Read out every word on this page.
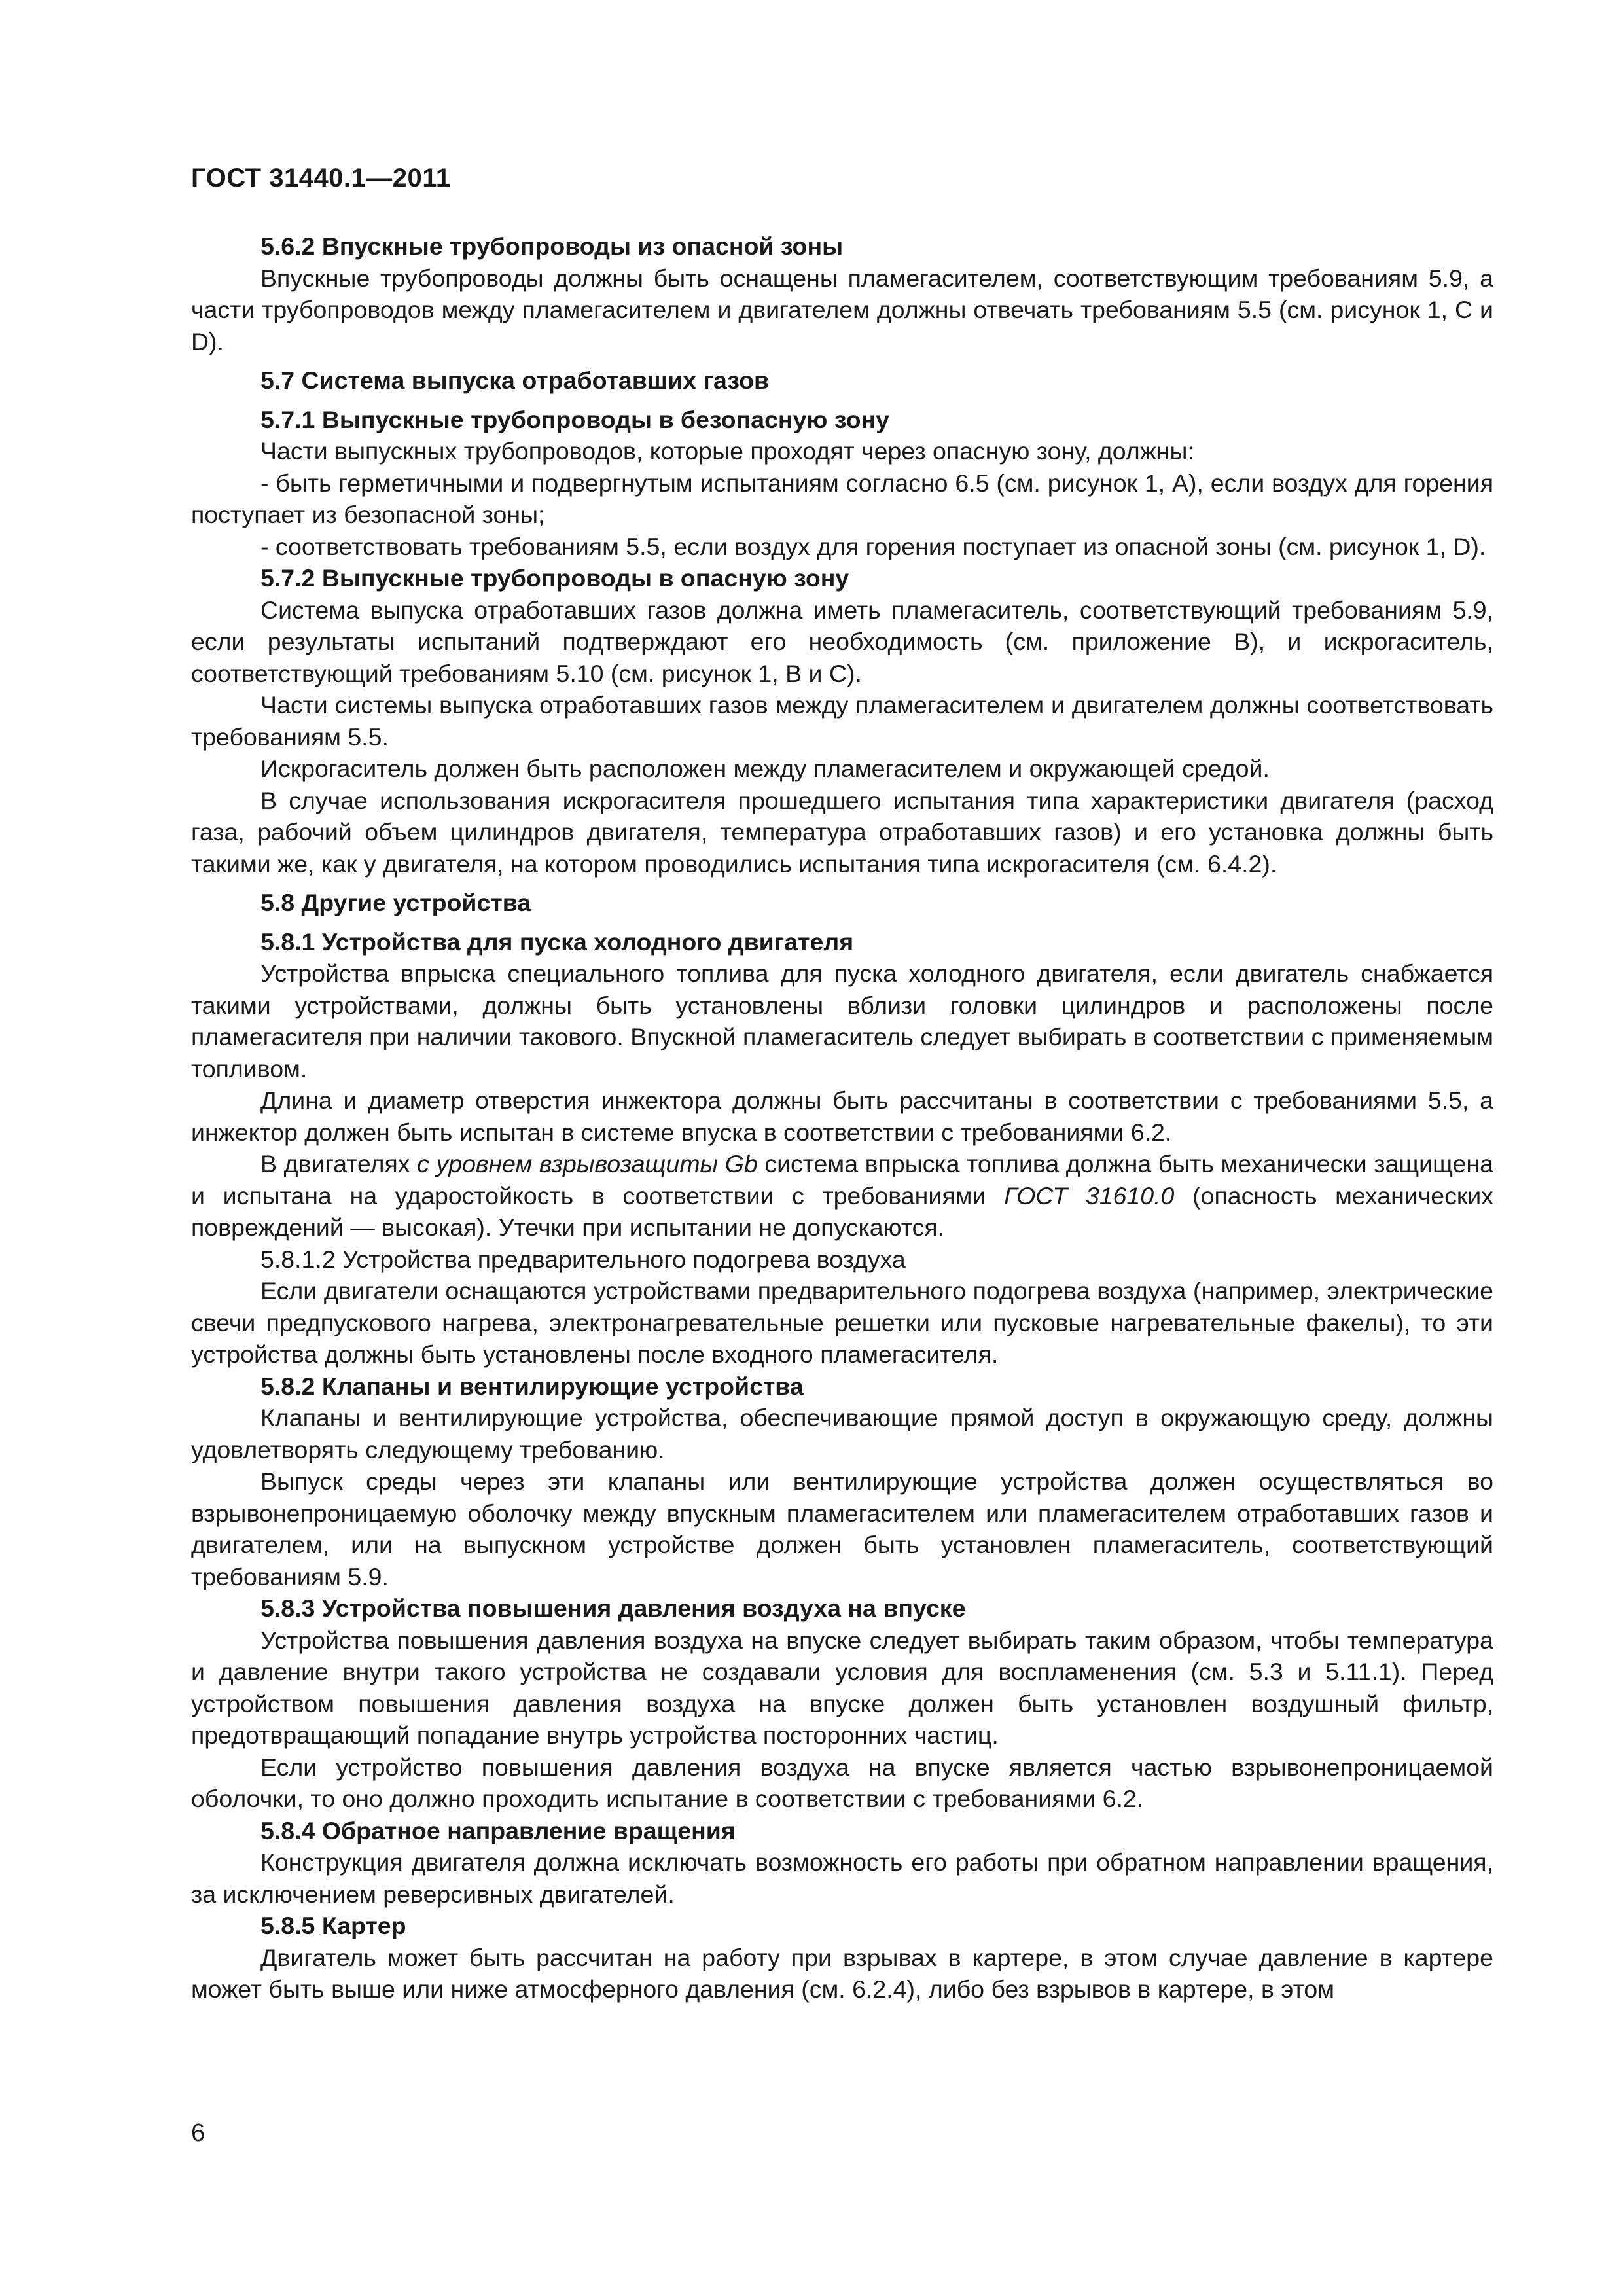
ГОСТ 31440.1—2011

5.6.2 Впускные трубопроводы из опасной зоны

Впускные трубопроводы должны быть оснащены пламегасителем, соответствующим требованиям 5.9, а части трубопроводов между пламегасителем и двигателем должны отвечать требованиям 5.5 (см. рисунок 1, C и D).

5.7 Система выпуска отработавших газов

5.7.1 Выпускные трубопроводы в безопасную зону

Части выпускных трубопроводов, которые проходят через опасную зону, должны:

- быть герметичными и подвергнутым испытаниям согласно 6.5 (см. рисунок 1, A), если воздух для горения поступает из безопасной зоны;

- соответствовать требованиям 5.5, если воздух для горения поступает из опасной зоны (см. рисунок 1, D).

5.7.2 Выпускные трубопроводы в опасную зону

Система выпуска отработавших газов должна иметь пламегаситель, соответствующий требованиям 5.9, если результаты испытаний подтверждают его необходимость (см. приложение B), и искрогаситель, соответствующий требованиям 5.10 (см. рисунок 1, B и C).

Части системы выпуска отработавших газов между пламегасителем и двигателем должны соответствовать требованиям 5.5.

Искрогаситель должен быть расположен между пламегасителем и окружающей средой.

В случае использования искрогасителя прошедшего испытания типа характеристики двигателя (расход газа, рабочий объем цилиндров двигателя, температура отработавших газов) и его установка должны быть такими же, как у двигателя, на котором проводились испытания типа искрогасителя (см. 6.4.2).

5.8 Другие устройства

5.8.1 Устройства для пуска холодного двигателя

Устройства впрыска специального топлива для пуска холодного двигателя, если двигатель снабжается такими устройствами, должны быть установлены вблизи головки цилиндров и расположены после пламегасителя при наличии такового. Впускной пламегаситель следует выбирать в соответствии с применяемым топливом.

Длина и диаметр отверстия инжектора должны быть рассчитаны в соответствии с требованиями 5.5, а инжектор должен быть испытан в системе впуска в соответствии с требованиями 6.2.

В двигателях с уровнем взрывозащиты Gb система впрыска топлива должна быть механически защищена и испытана на ударостойкость в соответствии с требованиями ГОСТ 31610.0 (опасность механических повреждений — высокая). Утечки при испытании не допускаются.

5.8.1.2 Устройства предварительного подогрева воздуха

Если двигатели оснащаются устройствами предварительного подогрева воздуха (например, электрические свечи предпускового нагрева, электронагревательные решетки или пусковые нагревательные факелы), то эти устройства должны быть установлены после входного пламегасителя.

5.8.2 Клапаны и вентилирующие устройства

Клапаны и вентилирующие устройства, обеспечивающие прямой доступ в окружающую среду, должны удовлетворять следующему требованию.

Выпуск среды через эти клапаны или вентилирующие устройства должен осуществляться во взрывонепроницаемую оболочку между впускным пламегасителем или пламегасителем отработавших газов и двигателем, или на выпускном устройстве должен быть установлен пламегаситель, соответствующий требованиям 5.9.

5.8.3 Устройства повышения давления воздуха на впуске

Устройства повышения давления воздуха на впуске следует выбирать таким образом, чтобы температура и давление внутри такого устройства не создавали условия для воспламенения (см. 5.3 и 5.11.1). Перед устройством повышения давления воздуха на впуске должен быть установлен воздушный фильтр, предотвращающий попадание внутрь устройства посторонних частиц.

Если устройство повышения давления воздуха на впуске является частью взрывонепроницаемой оболочки, то оно должно проходить испытание в соответствии с требованиями 6.2.

5.8.4 Обратное направление вращения

Конструкция двигателя должна исключать возможность его работы при обратном направлении вращения, за исключением реверсивных двигателей.

5.8.5 Картер

Двигатель может быть рассчитан на работу при взрывах в картере, в этом случае давление в картере может быть выше или ниже атмосферного давления (см. 6.2.4), либо без взрывов в картере, в этом

6
